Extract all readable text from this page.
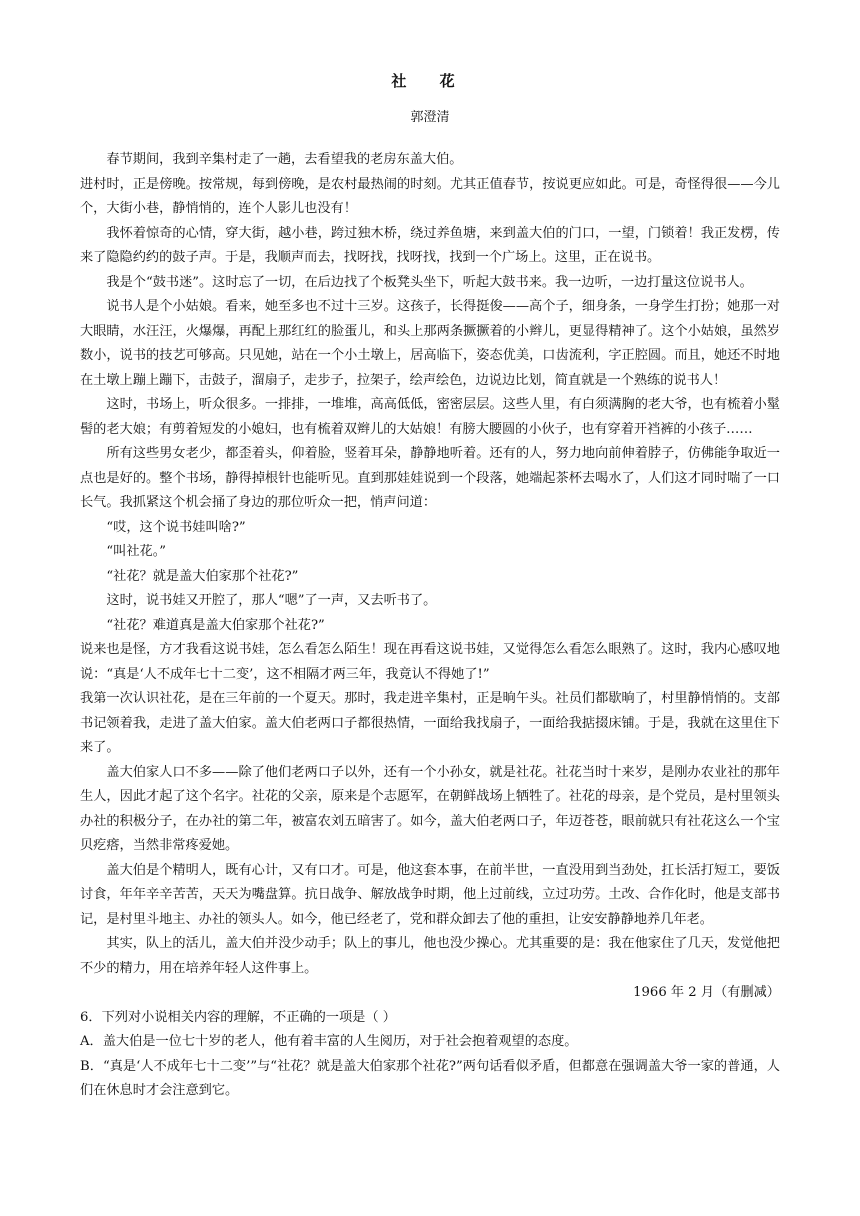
社 花
郭澄清

春节期间，我到辛集村走了一趟，去看望我的老房东盖大伯。

进村时，正是傍晚。按常规，每到傍晚，是农村最热闹的时刻。尤其正值春节，按说更应如此。可是，奇怪得很——今儿个，大街小巷，静悄悄的，连个人影儿也没有！

我怀着惊奇的心情，穿大街，越小巷，跨过独木桥，绕过养鱼塘，来到盖大伯的门口，一望，门锁着！我正发楞，传来了隐隐约约的鼓子声。于是，我顺声而去，找呀找，找呀找，找到一个广场上。这里，正在说书。

我是个“鼓书迷”。这时忘了一切，在后边找了个板凳头坐下，听起大鼓书来。我一边听，一边打量这位说书人。

说书人是个小姑娘。看来，她至多也不过十三岁。这孩子，长得挺俊——高个子，细身条，一身学生打扮；她那一对大眼睛，水汪汪，火爆爆，再配上那红红的脸蛋儿，和头上那两条撅撅着的小辫儿，更显得精神了。这个小姑娘，虽然岁数小，说书的技艺可够高。只见她，站在一个小土墩上，居高临下，姿态优美，口齿流利，字正腔圆。而且，她还不时地在土墩上蹦上蹦下，击鼓子，溜扇子，走步子，拉架子，绘声绘色，边说边比划，简直就是一个熟练的说书人！

这时，书场上，听众很多。一排排，一堆堆，高高低低，密密层层。这些人里，有白须满胸的老大爷，也有梳着小髽髻的老大娘；有剪着短发的小媳妇，也有梳着双辫儿的大姑娘！有膀大腰圆的小伙子，也有穿着开裆裤的小孩子……

所有这些男女老少，都歪着头，仰着脸，竖着耳朵，静静地听着。还有的人，努力地向前伸着脖子，仿佛能争取近一点也是好的。整个书场，静得掉根针也能听见。直到那娃娃说到一个段落，她端起茶杯去喝水了，人们这才同时喘了一口长气。我抓紧这个机会捅了身边的那位听众一把，悄声问道：

“哎，这个说书娃叫啥?”

“叫社花。”

“社花？就是盖大伯家那个社花?”

这时，说书娃又开腔了，那人“嗯”了一声，又去听书了。

“社花？难道真是盖大伯家那个社花?”

说来也是怪，方才我看这说书娃，怎么看怎么陌生！现在再看这说书娃，又觉得怎么看怎么眼熟了。这时，我内心感叹地说：“真是‘人不成年七十二变’，这不相隔才两三年，我竟认不得她了!”

我第一次认识社花，是在三年前的一个夏天。那时，我走进辛集村，正是晌午头。社员们都歇晌了，村里静悄悄的。支部书记领着我，走进了盖大伯家。盖大伯老两口子都很热情，一面给我找扇子，一面给我掂掇床铺。于是，我就在这里住下来了。

盖大伯家人口不多——除了他们老两口子以外，还有一个小孙女，就是社花。社花当时十来岁，是刚办农业社的那年生人，因此才起了这个名字。社花的父亲，原来是个志愿军，在朝鲜战场上牺牲了。社花的母亲，是个党员，是村里领头办社的积极分子，在办社的第二年，被富农刘五暗害了。如今，盖大伯老两口子，年迈苍苍，眼前就只有社花这么一个宝贝疙瘩，当然非常疼爱她。

盖大伯是个精明人，既有心计，又有口才。可是，他这套本事，在前半世，一直没用到当劲处，扛长活打短工，要饭讨食，年年辛辛苦苦，天天为嘴盘算。抗日战争、解放战争时期，他上过前线，立过功劳。土改、合作化时，他是支部书记，是村里斗地主、办社的领头人。如今，他已经老了，党和群众卸去了他的重担，让安安静静地养几年老。

其实，队上的活儿，盖大伯并没少动手；队上的事儿，他也没少操心。尤其重要的是：我在他家住了几天，发觉他把不少的精力，用在培养年轻人这件事上。

1966 年 2 月（有删减）

6．下列对小说相关内容的理解，不正确的一项是（ ）

A．盖大伯是一位七十岁的老人，他有着丰富的人生阅历，对于社会抱着观望的态度。

B．“真是‘人不成年七十二变’”与“社花？就是盖大伯家那个社花?”两句话看似矛盾，但都意在强调盖大爷一家的普通，人们在休息时才会注意到它。
